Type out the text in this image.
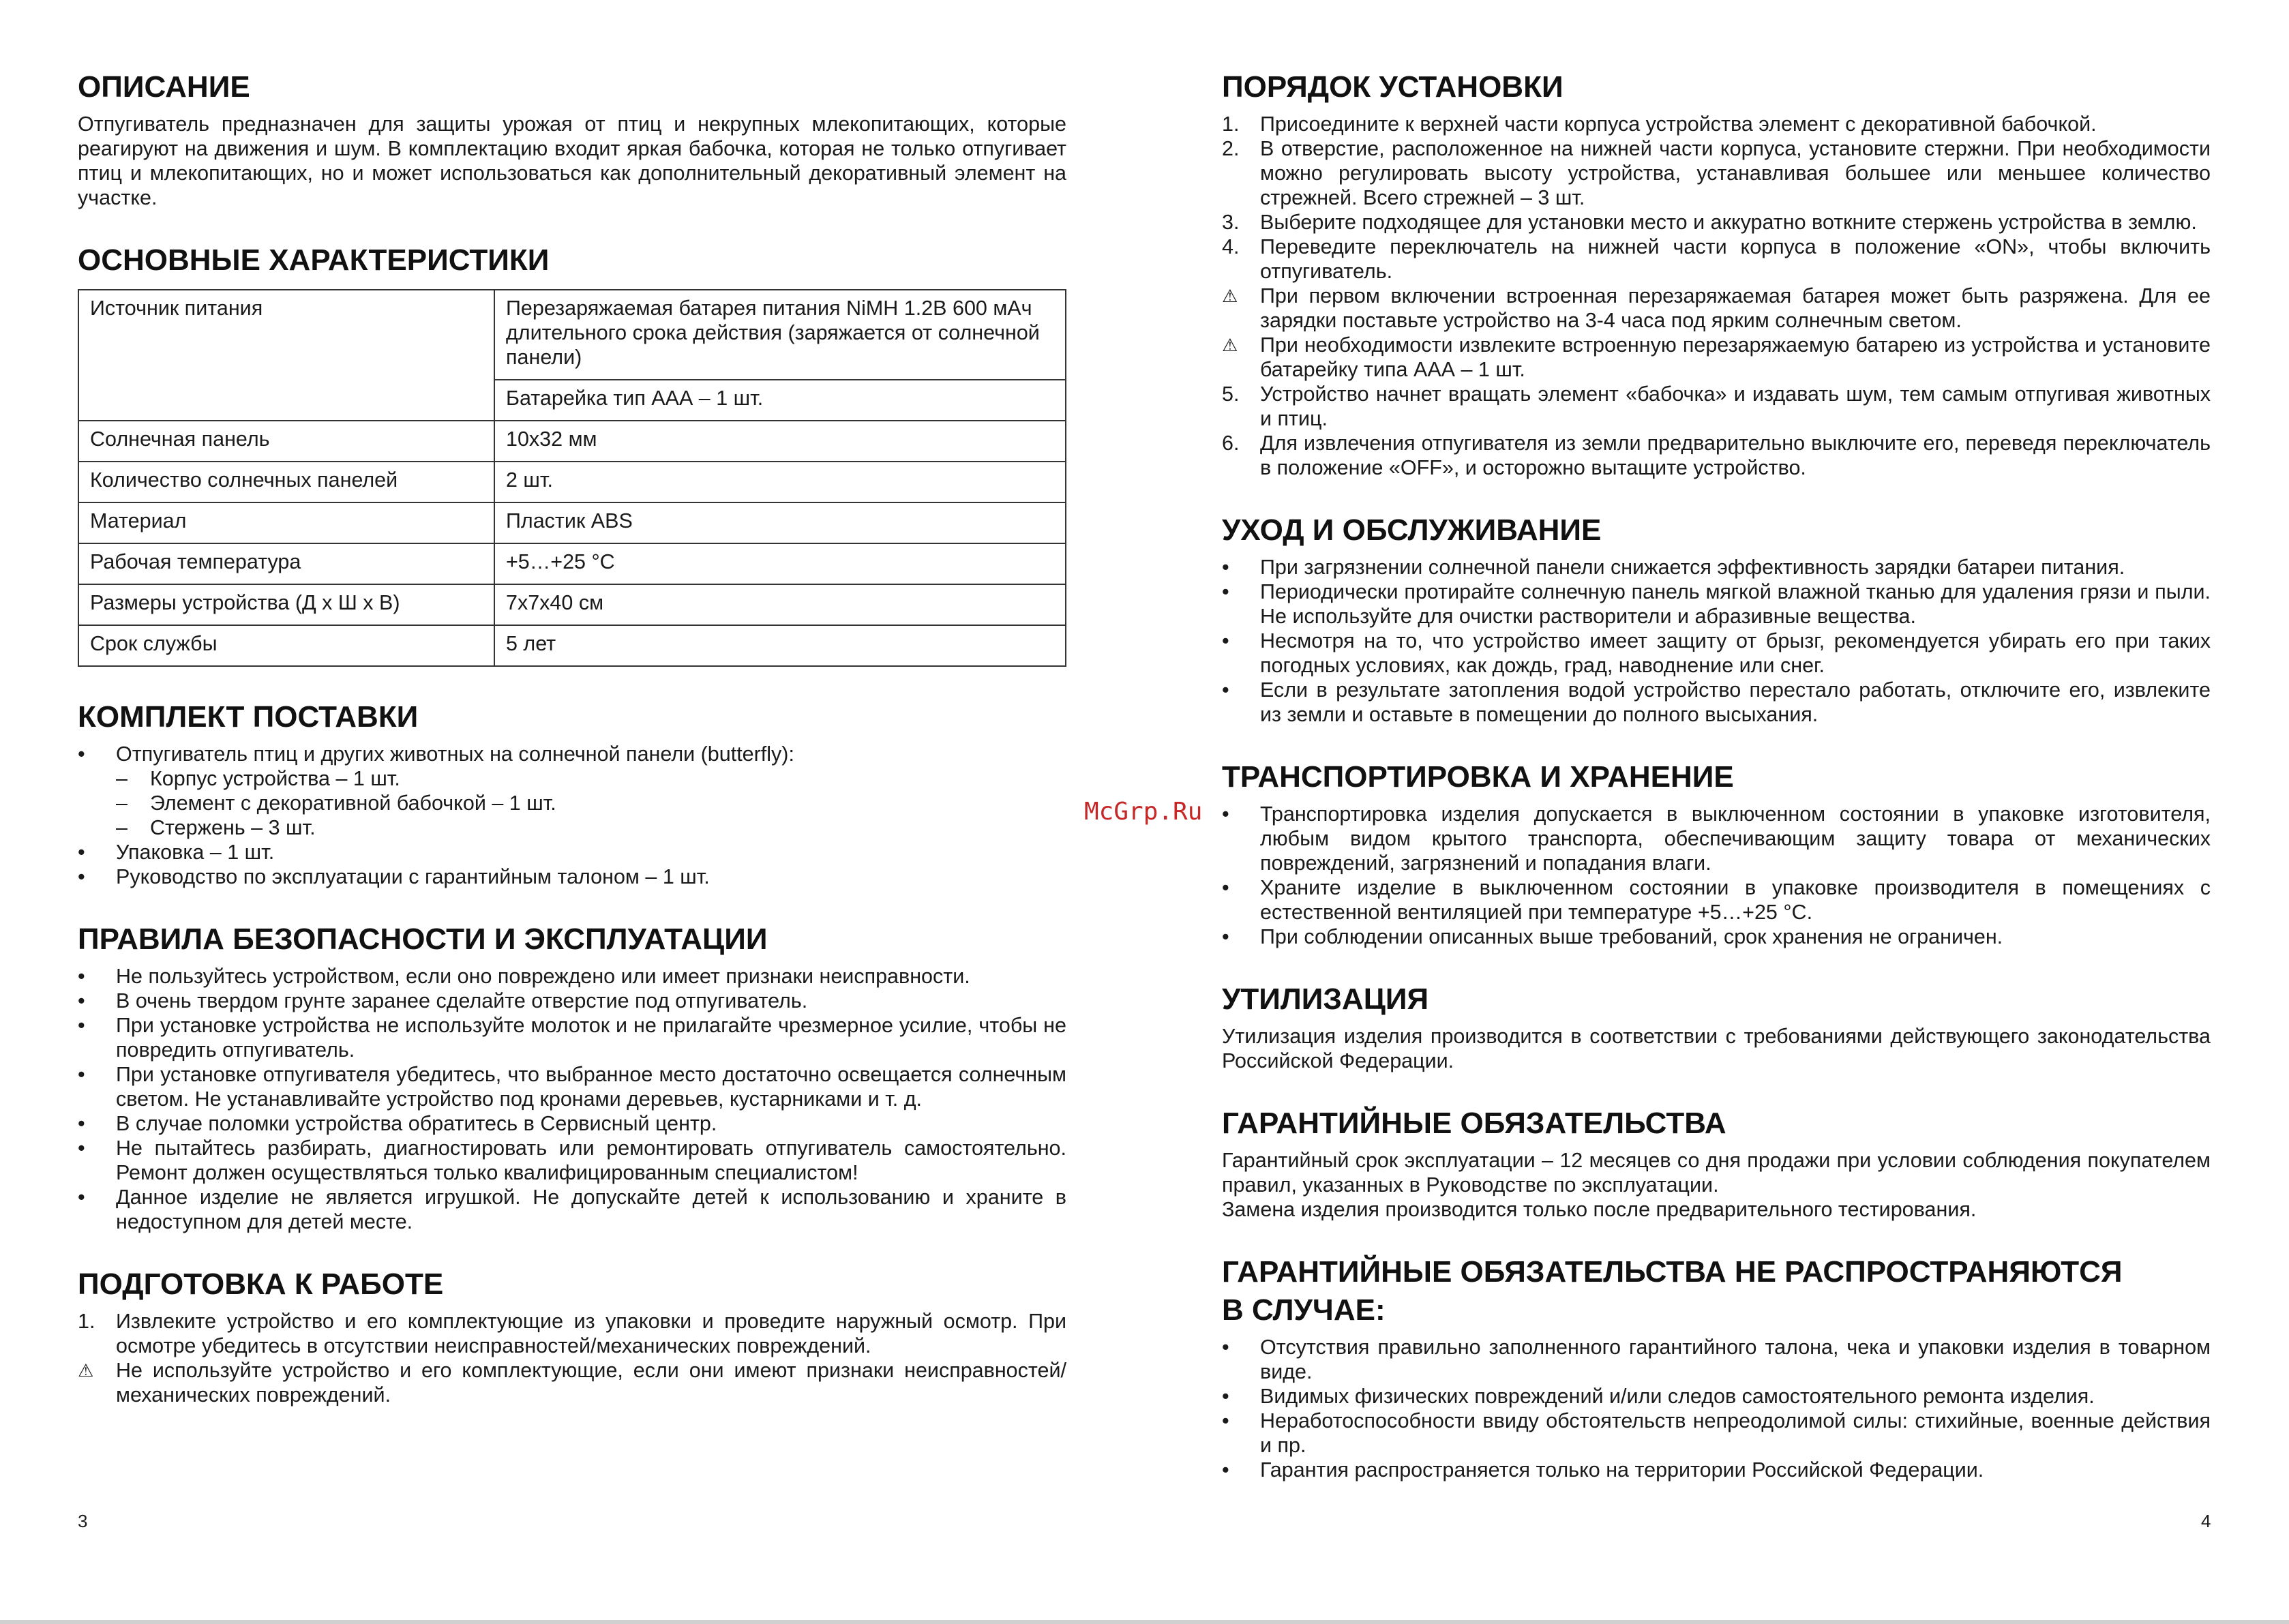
ОПИСАНИЕ

Отпугиватель предназначен для защиты урожая от птиц и некрупных млекопитающих, которые реагируют на движения и шум. В комплектацию входит яркая бабочка, которая не только отпугивает птиц и млекопитающих, но и может использоваться как дополнительный декоративный элемент на участке.

ОСНОВНЫЕ ХАРАКТЕРИСТИКИ
Источник питания	Перезаряжаемая батарея питания NiMH 1.2В 600 мАч длительного срока действия (заряжается от солнечной панели)
	Батарейка тип ААА – 1 шт.
Солнечная панель	10х32 мм
Количество солнечных панелей	2 шт.
Материал	Пластик ABS
Рабочая температура	+5…+25 °С
Размеры устройства (Д х Ш х В)	7х7х40 см
Срок службы	5 лет
КОМПЛЕКТ ПОСТАВКИ
•	Отпугиватель птиц и других животных на солнечной панели (butterfly):
– Корпус устройства – 1 шт.
– Элемент с декоративной бабочкой – 1 шт.
– Стержень – 3 шт.
•	Упаковка – 1 шт.
•	Руководство по эксплуатации с гарантийным талоном – 1 шт.
ПРАВИЛА БЕЗОПАСНОСТИ И ЭКСПЛУАТАЦИИ
•	Не пользуйтесь устройством, если оно повреждено или имеет признаки неисправности.
•	В очень твердом грунте заранее сделайте отверстие под отпугиватель.
•	При установке устройства не используйте молоток и не прилагайте чрезмерное усилие, чтобы не повредить отпугиватель.
•	При установке отпугивателя убедитесь, что выбранное место достаточно освещается солнечным светом. Не устанавливайте устройство под кронами деревьев, кустарниками и т. д.
•	В случае поломки устройства обратитесь в Сервисный центр.
•	Не пытайтесь разбирать, диагностировать или ремонтировать отпугиватель самостоятельно. Ремонт должен осуществляться только квалифицированным специалистом!
•	Данное изделие не является игрушкой. Не допускайте детей к использованию и храните в недоступном для детей месте.
ПОДГОТОВКА К РАБОТЕ
1.	Извлеките устройство и его комплектующие из упаковки и проведите наружный осмотр. При осмотре убедитесь в отсутствии неисправностей/механических повреждений.
⚠	Не используйте устройство и его комплектующие, если они имеют признаки неисправностей/механических повреждений.
3
ПОРЯДОК УСТАНОВКИ
1.	Присоедините к верхней части корпуса устройства элемент с декоративной бабочкой.
2.	В отверстие, расположенное на нижней части корпуса, установите стержни. При необходимости можно регулировать высоту устройства, устанавливая большее или меньшее количество стрежней. Всего стрежней – 3 шт.
3.	Выберите подходящее для установки место и аккуратно воткните стержень устройства в землю.
4.	Переведите переключатель на нижней части корпуса в положение «ON», чтобы включить отпугиватель.
⚠	При первом включении встроенная перезаряжаемая батарея может быть разряжена. Для ее зарядки поставьте устройство на 3-4 часа под ярким солнечным светом.
⚠	При необходимости извлеките встроенную перезаряжаемую батарею из устройства и установите батарейку типа ААА – 1 шт.
5.	Устройство начнет вращать элемент «бабочка» и издавать шум, тем самым отпугивая животных и птиц.
6.	Для извлечения отпугивателя из земли предварительно выключите его, переведя переключатель в положение «OFF», и осторожно вытащите устройство.
УХОД И ОБСЛУЖИВАНИЕ
•	При загрязнении солнечной панели снижается эффективность зарядки батареи питания.
•	Периодически протирайте солнечную панель мягкой влажной тканью для удаления грязи и пыли. Не используйте для очистки растворители и абразивные вещества.
•	Несмотря на то, что устройство имеет защиту от брызг, рекомендуется убирать его при таких погодных условиях, как дождь, град, наводнение или снег.
•	Если в результате затопления водой устройство перестало работать, отключите его, извлеките из земли и оставьте в помещении до полного высыхания.
ТРАНСПОРТИРОВКА И ХРАНЕНИЕ
•	Транспортировка изделия допускается в выключенном состоянии в упаковке изготовителя, любым видом крытого транспорта, обеспечивающим защиту товара от механических повреждений, загрязнений и попадания влаги.
•	Храните изделие в выключенном состоянии в упаковке производителя в помещениях с естественной вентиляцией при температуре +5…+25 °С.
•	При соблюдении описанных выше требований, срок хранения не ограничен.
УТИЛИЗАЦИЯ

Утилизация изделия производится в соответствии с требованиями действующего законодательства Российской Федерации.

ГАРАНТИЙНЫЕ ОБЯЗАТЕЛЬСТВА

Гарантийный срок эксплуатации – 12 месяцев со дня продажи при условии соблюдения покупателем правил, указанных в Руководстве по эксплуатации.

Замена изделия производится только после предварительного тестирования.

ГАРАНТИЙНЫЕ ОБЯЗАТЕЛЬСТВА НЕ РАСПРОСТРАНЯЮТСЯ
В СЛУЧАЕ:
•	Отсутствия правильно заполненного гарантийного талона, чека и упаковки изделия в товарном виде.
•	Видимых физических повреждений и/или следов самостоятельного ремонта изделия.
•	Неработоспособности ввиду обстоятельств непреодолимой силы: стихийные, военные действия и пр.
•	Гарантия распространяется только на территории Российской Федерации.
4
McGrp.Ru
